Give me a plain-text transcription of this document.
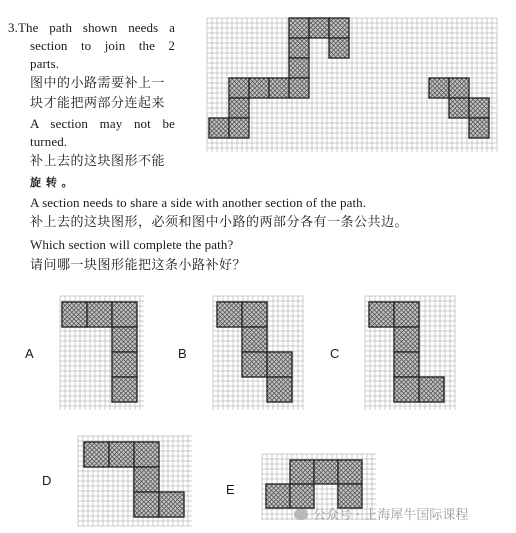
3.The path shown needs a
section to join the 2
parts.
图中的小路需要补上一
块才能把两部分连起来
A section may not be
turned.
补上去的这块图形不能
旋 转 。
A section needs to share a side with another section of the path.
补上去的这块图形，必须和图中小路的两部分各有一条公共边。
Which section will complete the path?
请问哪一块图形能把这条小路补好？
A	B	C
D
E
公众号 · 上海犀牛国际课程
